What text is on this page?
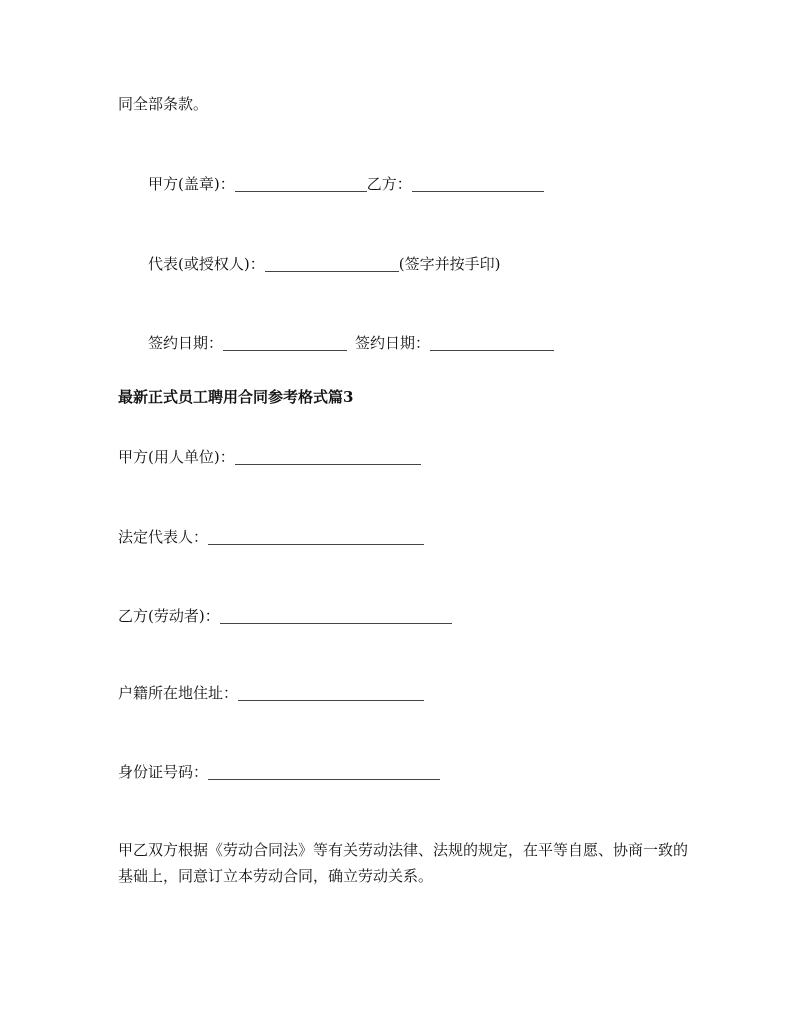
同全部条款。
甲方(盖章)：	乙方：
代表(或授权人)：	(签字并按手印)
签约日期：	签约日期：
最新正式员工聘用合同参考格式篇3
甲方(用人单位)：
法定代表人：
乙方(劳动者)：
户籍所在地住址：
身份证号码：
甲乙双方根据《劳动合同法》等有关劳动法律、法规的规定，在平等自愿、协商一致的基础上，同意订立本劳动合同，确立劳动关系。
